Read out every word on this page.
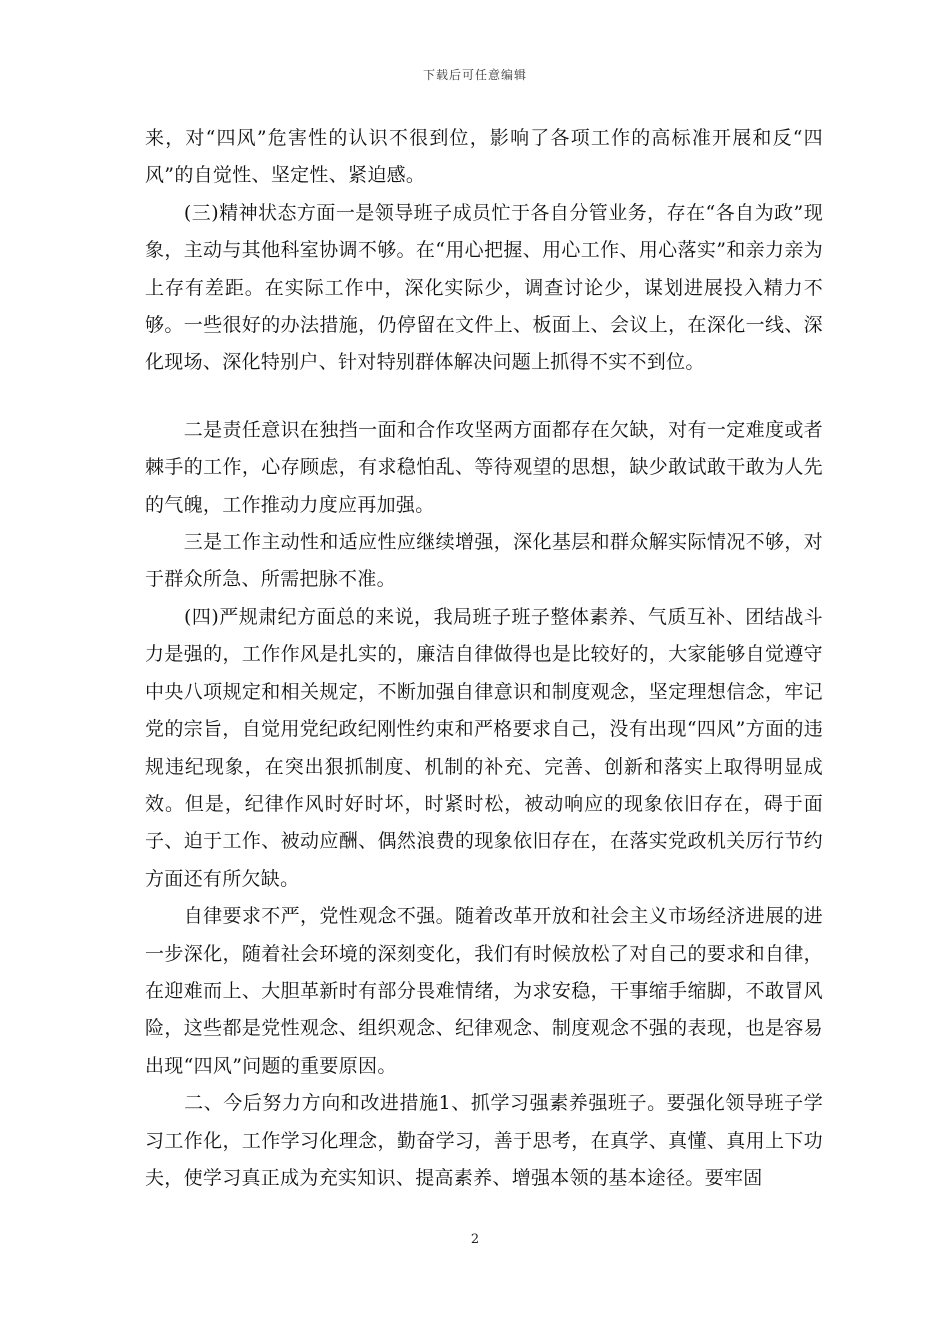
下载后可任意编辑

来，对“四风”危害性的认识不很到位，影响了各项工作的高标准开展和反“四风”的自觉性、坚定性、紧迫感。

　　(三)精神状态方面一是领导班子成员忙于各自分管业务，存在“各自为政”现象，主动与其他科室协调不够。在“用心把握、用心工作、用心落实”和亲力亲为上存有差距。在实际工作中，深化实际少，调查讨论少，谋划进展投入精力不够。一些很好的办法措施，仍停留在文件上、板面上、会议上，在深化一线、深化现场、深化特别户、针对特别群体解决问题上抓得不实不到位。

　　二是责任意识在独挡一面和合作攻坚两方面都存在欠缺，对有一定难度或者棘手的工作，心存顾虑，有求稳怕乱、等待观望的思想，缺少敢试敢干敢为人先的气魄，工作推动力度应再加强。

　　三是工作主动性和适应性应继续增强，深化基层和群众解实际情况不够，对于群众所急、所需把脉不准。

　　(四)严规肃纪方面总的来说，我局班子班子整体素养、气质互补、团结战斗力是强的，工作作风是扎实的，廉洁自律做得也是比较好的，大家能够自觉遵守中央八项规定和相关规定，不断加强自律意识和制度观念，坚定理想信念，牢记党的宗旨，自觉用党纪政纪刚性约束和严格要求自己，没有出现“四风”方面的违规违纪现象，在突出狠抓制度、机制的补充、完善、创新和落实上取得明显成效。但是，纪律作风时好时坏，时紧时松，被动响应的现象依旧存在，碍于面子、迫于工作、被动应酬、偶然浪费的现象依旧存在，在落实党政机关厉行节约方面还有所欠缺。

　　自律要求不严，党性观念不强。随着改革开放和社会主义市场经济进展的进一步深化，随着社会环境的深刻变化，我们有时候放松了对自己的要求和自律，在迎难而上、大胆革新时有部分畏难情绪，为求安稳，干事缩手缩脚，不敢冒风险，这些都是党性观念、组织观念、纪律观念、制度观念不强的表现，也是容易出现“四风”问题的重要原因。

　　二、今后努力方向和改进措施1、抓学习强素养强班子。要强化领导班子学习工作化，工作学习化理念，勤奋学习，善于思考，在真学、真懂、真用上下功夫，使学习真正成为充实知识、提高素养、增强本领的基本途径。要牢固

2
